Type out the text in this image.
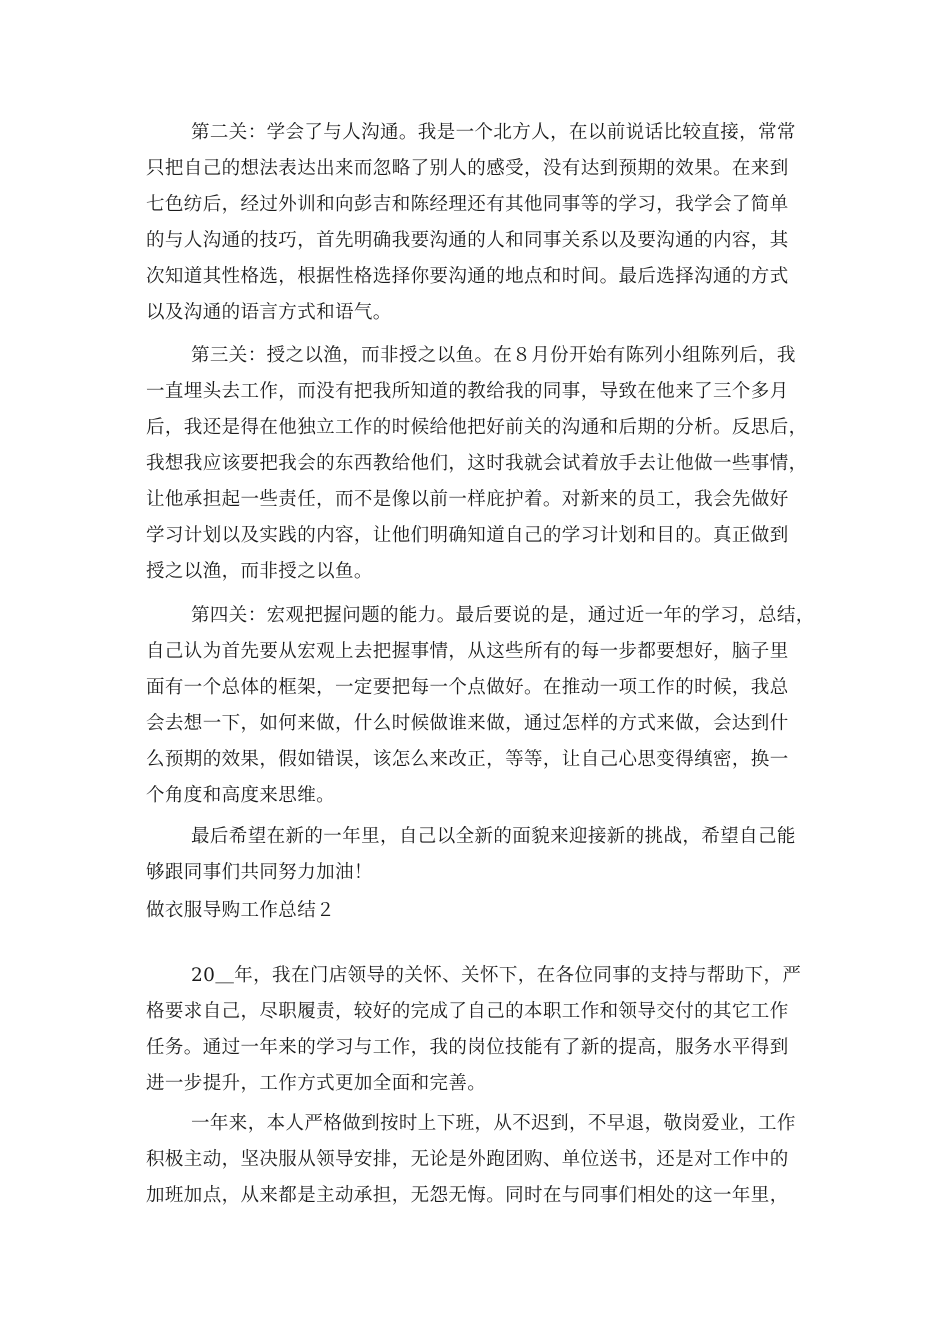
第二关：学会了与人沟通。我是一个北方人，在以前说话比较直接，常常
只把自己的想法表达出来而忽略了别人的感受，没有达到预期的效果。在来到
七色纺后，经过外训和向彭吉和陈经理还有其他同事等的学习，我学会了简单
的与人沟通的技巧，首先明确我要沟通的人和同事关系以及要沟通的内容，其
次知道其性格选，根据性格选择你要沟通的地点和时间。最后选择沟通的方式
以及沟通的语言方式和语气。
第三关：授之以渔，而非授之以鱼。在８月份开始有陈列小组陈列后，我
一直埋头去工作，而没有把我所知道的教给我的同事，导致在他来了三个多月
后，我还是得在他独立工作的时候给他把好前关的沟通和后期的分析。反思后，
我想我应该要把我会的东西教给他们，这时我就会试着放手去让他做一些事情，
让他承担起一些责任，而不是像以前一样庇护着。对新来的员工，我会先做好
学习计划以及实践的内容，让他们明确知道自己的学习计划和目的。真正做到
授之以渔，而非授之以鱼。
第四关：宏观把握问题的能力。最后要说的是，通过近一年的学习，总结，
自己认为首先要从宏观上去把握事情，从这些所有的每一步都要想好，脑子里
面有一个总体的框架，一定要把每一个点做好。在推动一项工作的时候，我总
会去想一下，如何来做，什么时候做谁来做，通过怎样的方式来做，会达到什
么预期的效果，假如错误，该怎么来改正，等等，让自己心思变得缜密，换一
个角度和高度来思维。
最后希望在新的一年里，自己以全新的面貌来迎接新的挑战，希望自己能
够跟同事们共同努力加油！
做衣服导购工作总结２
20＿年，我在门店领导的关怀、关怀下，在各位同事的支持与帮助下，严
格要求自己，尽职履责，较好的完成了自己的本职工作和领导交付的其它工作
任务。通过一年来的学习与工作，我的岗位技能有了新的提高，服务水平得到
进一步提升，工作方式更加全面和完善。
一年来，本人严格做到按时上下班，从不迟到，不早退，敬岗爱业，工作
积极主动，坚决服从领导安排，无论是外跑团购、单位送书，还是对工作中的
加班加点，从来都是主动承担，无怨无悔。同时在与同事们相处的这一年里，
